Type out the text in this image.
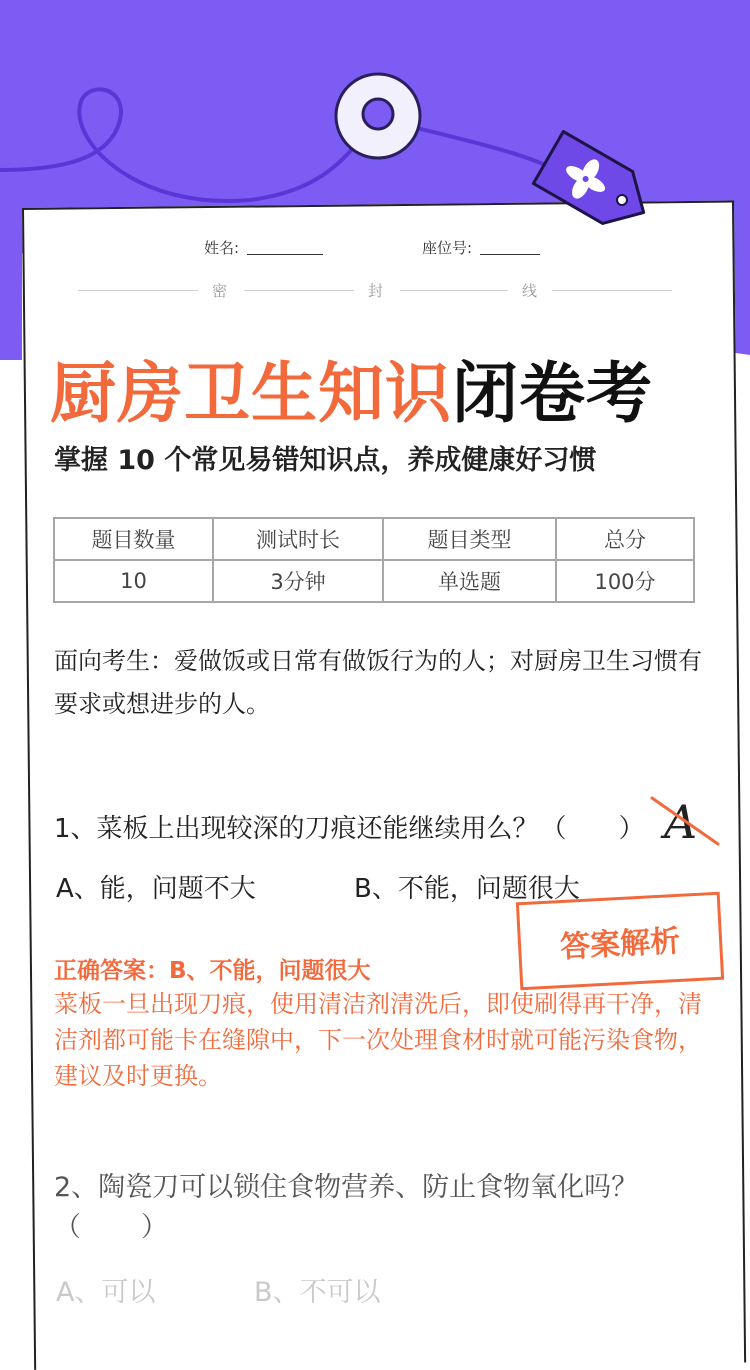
姓名:	座位号:
密	封	线
厨房卫生知识闭卷考
掌握 10 个常见易错知识点，养成健康好习惯
题目数量	测试时长	题目类型	总分
10	3分钟	单选题	100分
面向考生：爱做饭或日常有做饭行为的人；对厨房卫生习惯有要求或想进步的人。
1、菜板上出现较深的刀痕还能继续用么？（ ） A
A、能，问题不大	B、不能，问题很大
正确答案：B、不能，问题很大
菜板一旦出现刀痕，使用清洁剂清洗后，即使刷得再干净，清洁剂都可能卡在缝隙中，下一次处理食材时就可能污染食物，建议及时更换。
答案解析
2、陶瓷刀可以锁住食物营养、防止食物氧化吗？
（ ）
A、可以	B、不可以
